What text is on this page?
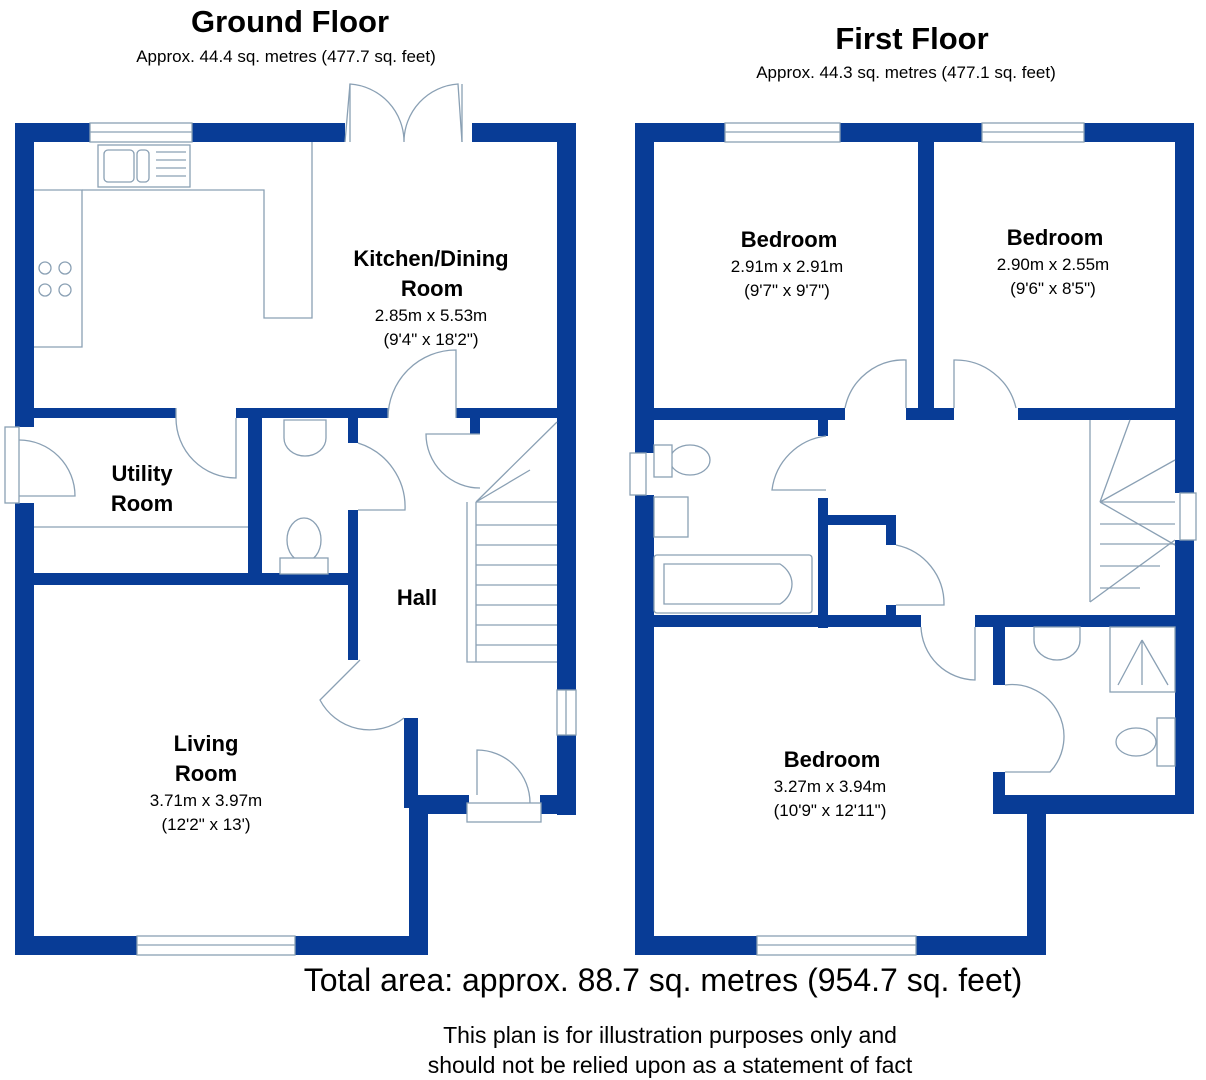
Ground Floor
Approx. 44.4 sq. metres (477.7 sq. feet)
First Floor
Approx. 44.3 sq. metres (477.1 sq. feet)
Kitchen/Dining
Room
2.85m x 5.53m
(9'4" x 18'2")
Utility
Room
Hall
Living
Room
3.71m x 3.97m
(12'2" x 13')
Bedroom
2.91m x 2.91m
(9'7" x 9'7")
Bedroom
2.90m x 2.55m
(9'6" x 8'5")
Bedroom
3.27m x 3.94m
(10'9" x 12'11")
Total area: approx. 88.7 sq. metres (954.7 sq. feet)
This plan is for illustration purposes only and
should not be relied upon as a statement of fact
